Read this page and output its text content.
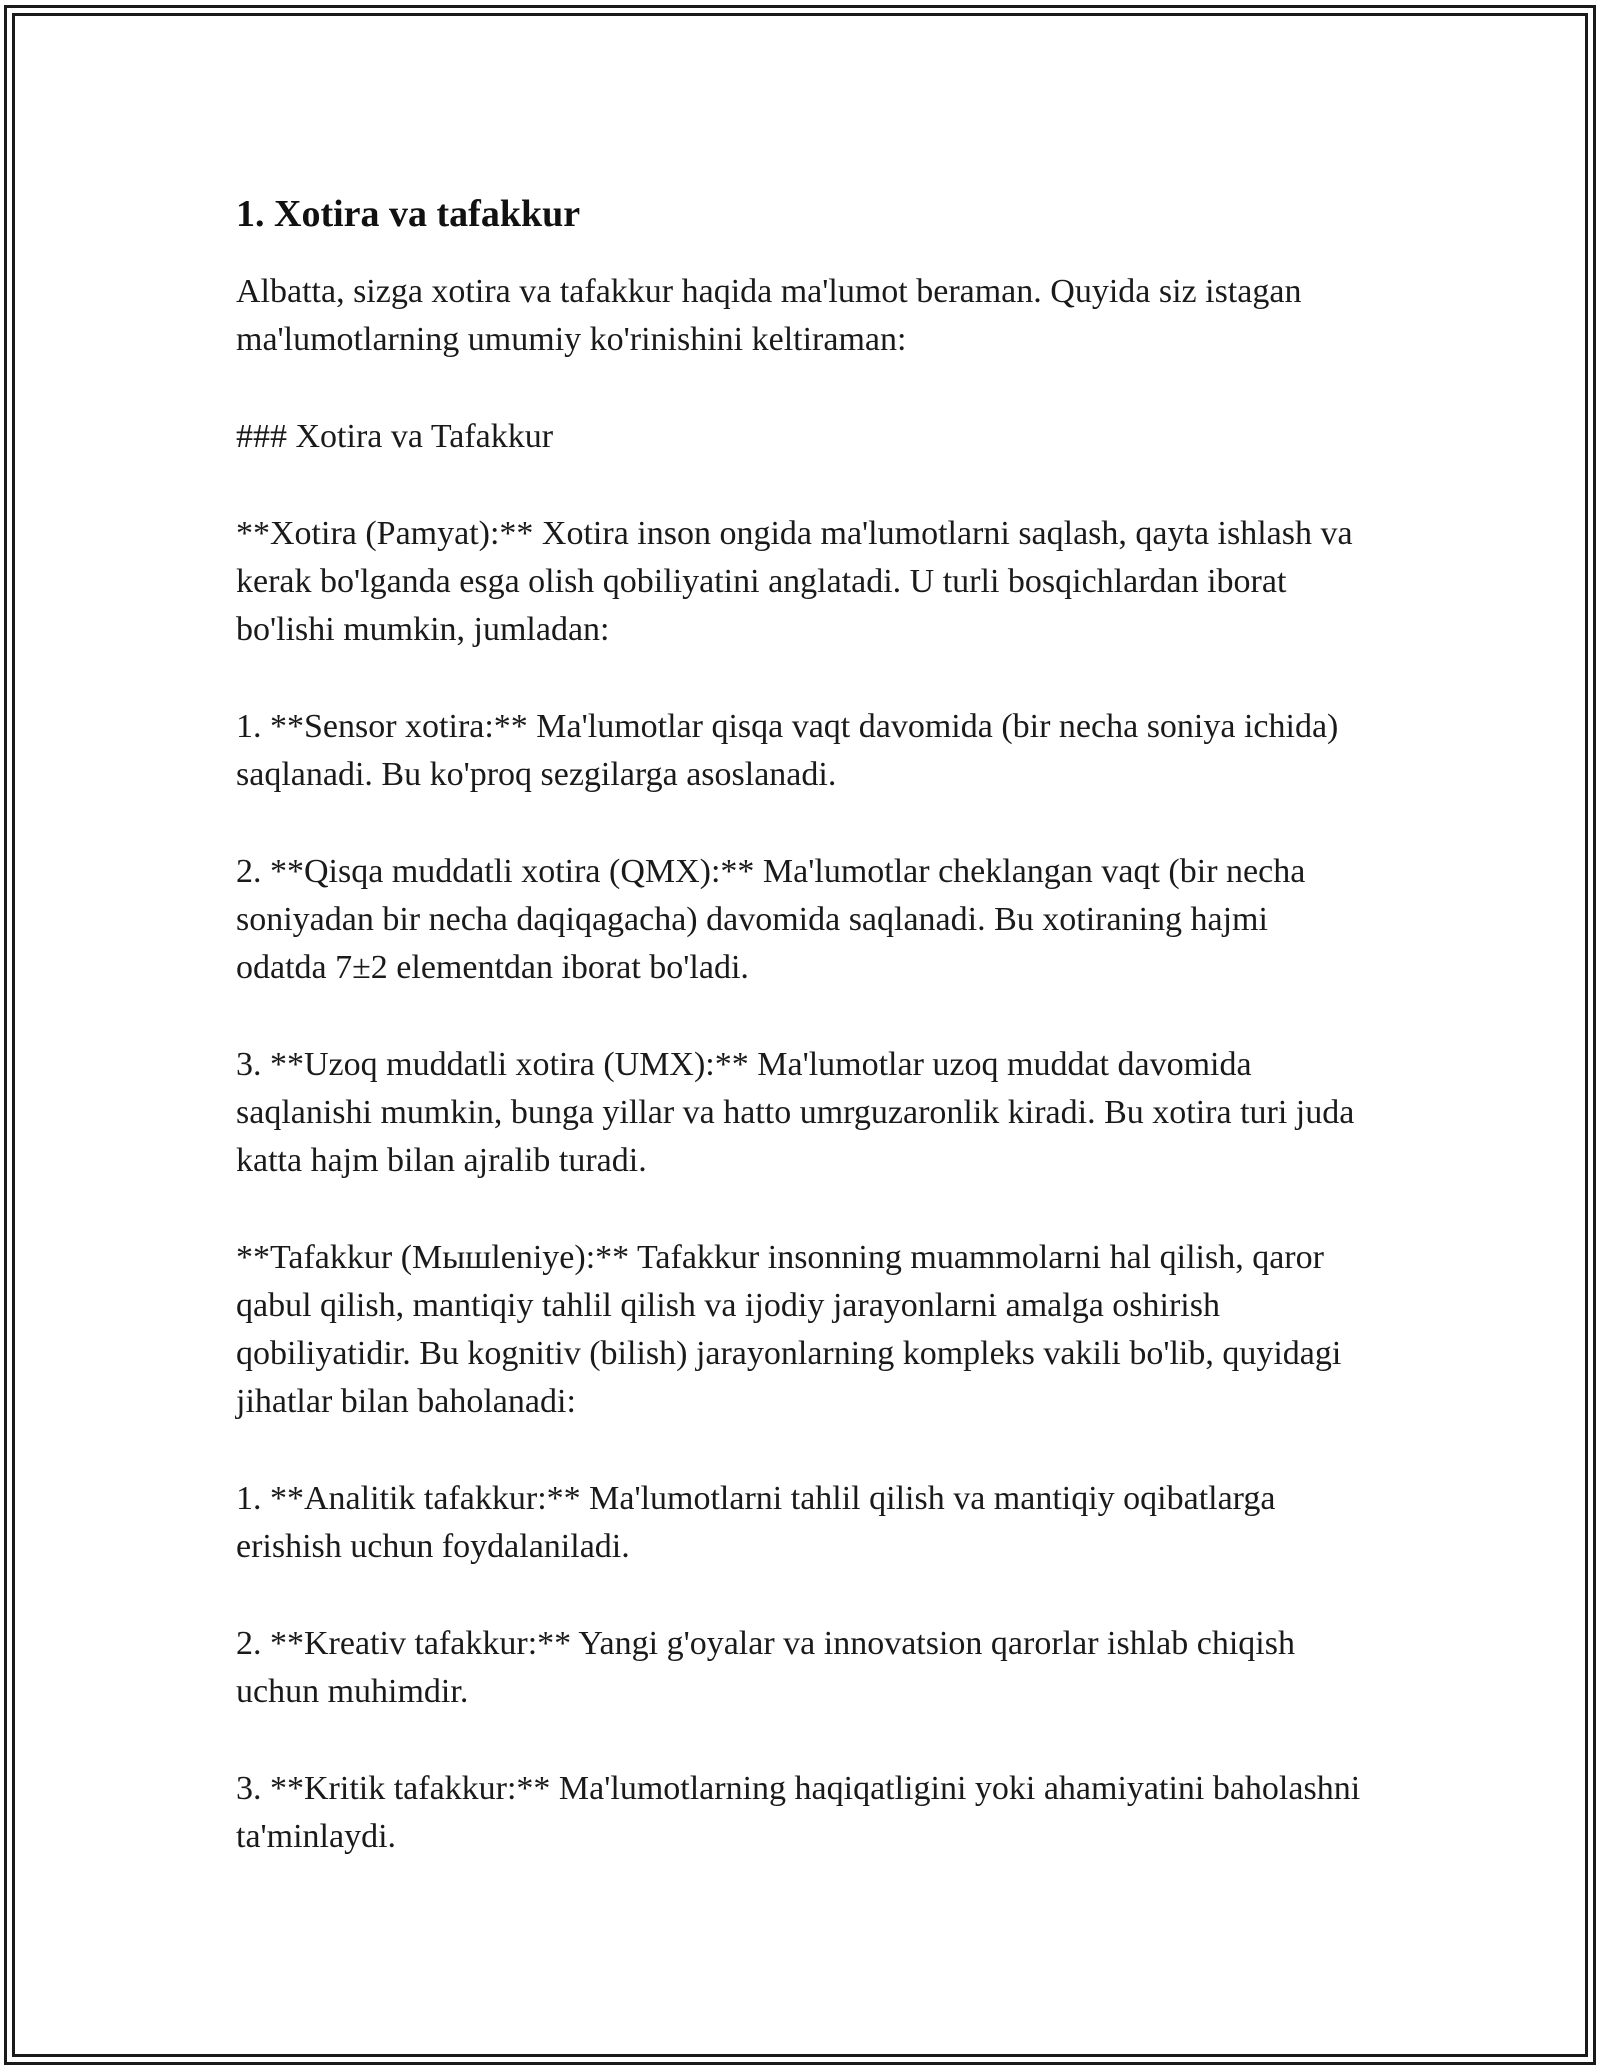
1. Xotira va tafakkur

Albatta, sizga xotira va tafakkur haqida ma'lumot beraman. Quyida siz istagan ma'lumotlarning umumiy ko'rinishini keltiraman:

### Xotira va Tafakkur

**Xotira (Pamyat):** Xotira inson ongida ma'lumotlarni saqlash, qayta ishlash va kerak bo'lganda esga olish qobiliyatini anglatadi. U turli bosqichlardan iborat bo'lishi mumkin, jumladan:

1. **Sensor xotira:** Ma'lumotlar qisqa vaqt davomida (bir necha soniya ichida) saqlanadi. Bu ko'proq sezgilarga asoslanadi.

2. **Qisqa muddatli xotira (QMX):** Ma'lumotlar cheklangan vaqt (bir necha soniyadan bir necha daqiqagacha) davomida saqlanadi. Bu xotiraning hajmi odatda 7±2 elementdan iborat bo'ladi.

3. **Uzoq muddatli xotira (UMX):** Ma'lumotlar uzoq muddat davomida saqlanishi mumkin, bunga yillar va hatto umrguzaronlik kiradi. Bu xotira turi juda katta hajm bilan ajralib turadi.

**Tafakkur (Мышleniye):** Tafakkur insonning muammolarni hal qilish, qaror qabul qilish, mantiqiy tahlil qilish va ijodiy jarayonlarni amalga oshirish qobiliyatidir. Bu kognitiv (bilish) jarayonlarning kompleks vakili bo'lib, quyidagi jihatlar bilan baholanadi:

1. **Analitik tafakkur:** Ma'lumotlarni tahlil qilish va mantiqiy oqibatlarga erishish uchun foydalaniladi.

2. **Kreativ tafakkur:** Yangi g'oyalar va innovatsion qarorlar ishlab chiqish uchun muhimdir.

3. **Kritik tafakkur:** Ma'lumotlarning haqiqatligini yoki ahamiyatini baholashni ta'minlaydi.
